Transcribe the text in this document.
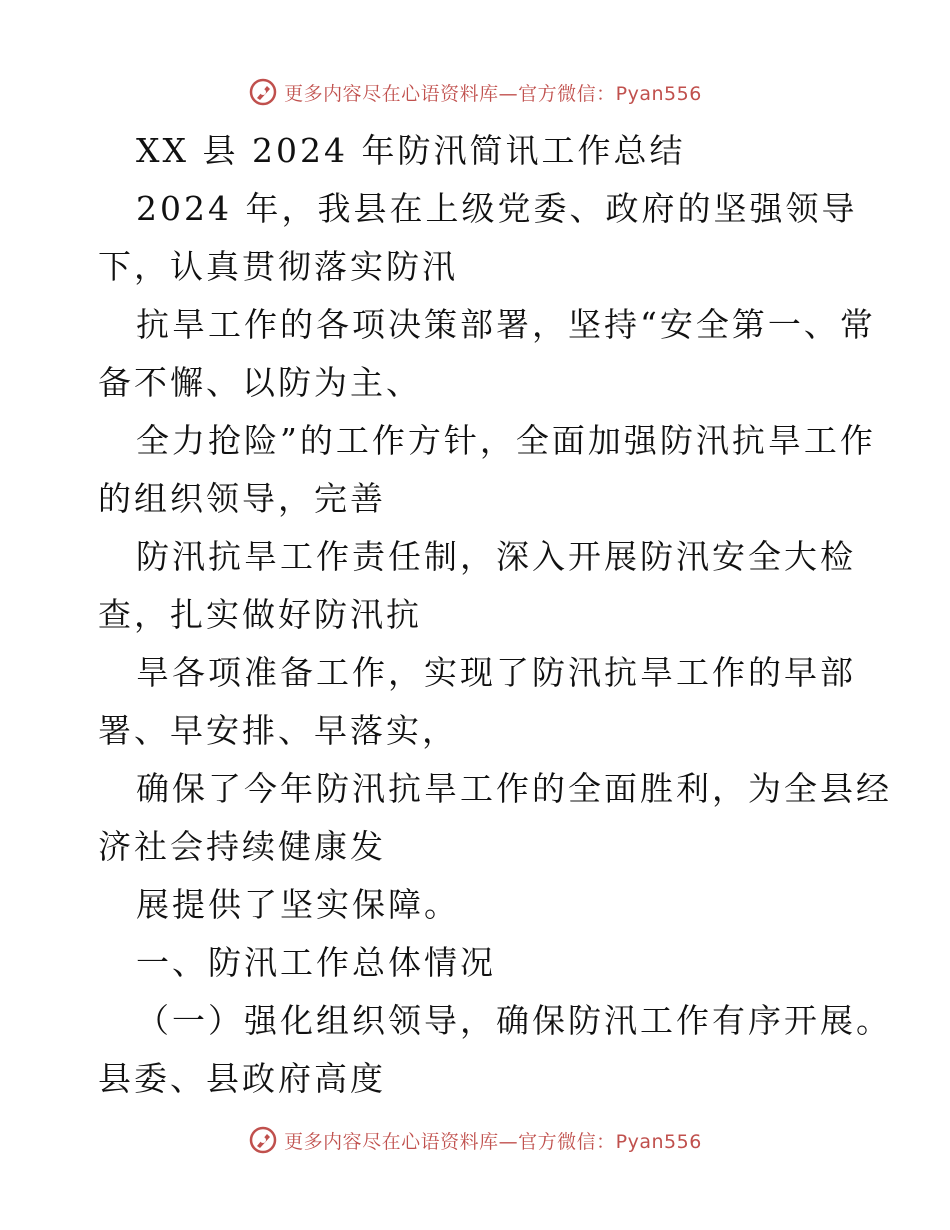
更多内容尽在心语资料库—官方微信：Pyan556
XX 县 2024 年防汛简讯工作总结
2024 年，我县在上级党委、政府的坚强领导
下，认真贯彻落实防汛
抗旱工作的各项决策部署，坚持“安全第一、常
备不懈、以防为主、
全力抢险”的工作方针，全面加强防汛抗旱工作
的组织领导，完善
防汛抗旱工作责任制，深入开展防汛安全大检
查，扎实做好防汛抗
旱各项准备工作，实现了防汛抗旱工作的早部
署、早安排、早落实，
确保了今年防汛抗旱工作的全面胜利，为全县经
济社会持续健康发
展提供了坚实保障。
一、防汛工作总体情况
（一）强化组织领导，确保防汛工作有序开展。
县委、县政府高度
更多内容尽在心语资料库—官方微信：Pyan556
